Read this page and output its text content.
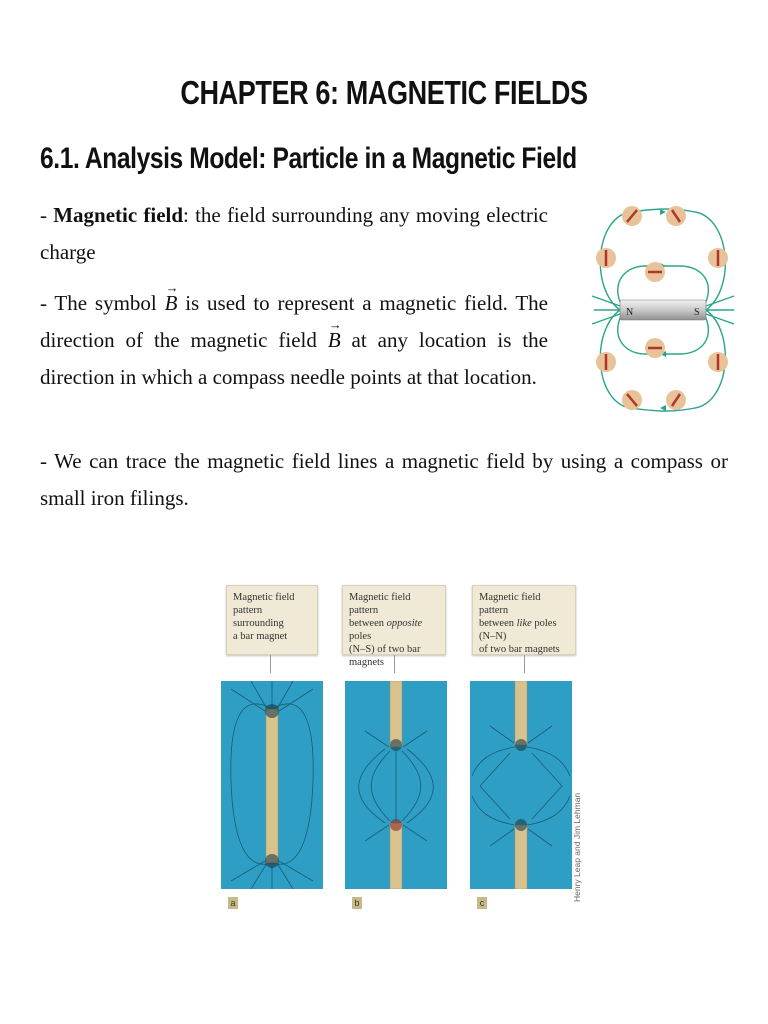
CHAPTER 6: MAGNETIC FIELDS
6.1. Analysis Model: Particle in a Magnetic Field
- Magnetic field: the field surrounding any moving electric charge
- The symbol → B is used to represent a magnetic field. The direction of the magnetic field → B at any location is the direction in which a compass needle points at that location.
- We can trace the magnetic field lines a magnetic field by using a compass or small iron filings.
N	S
Magnetic field
pattern surrounding
a bar magnet
Magnetic field pattern
between opposite poles
(N–S) of two bar magnets
Magnetic field pattern
between like poles (N–N)
of two bar magnets
a	b	c
Henry Leap and Jim Lehman
